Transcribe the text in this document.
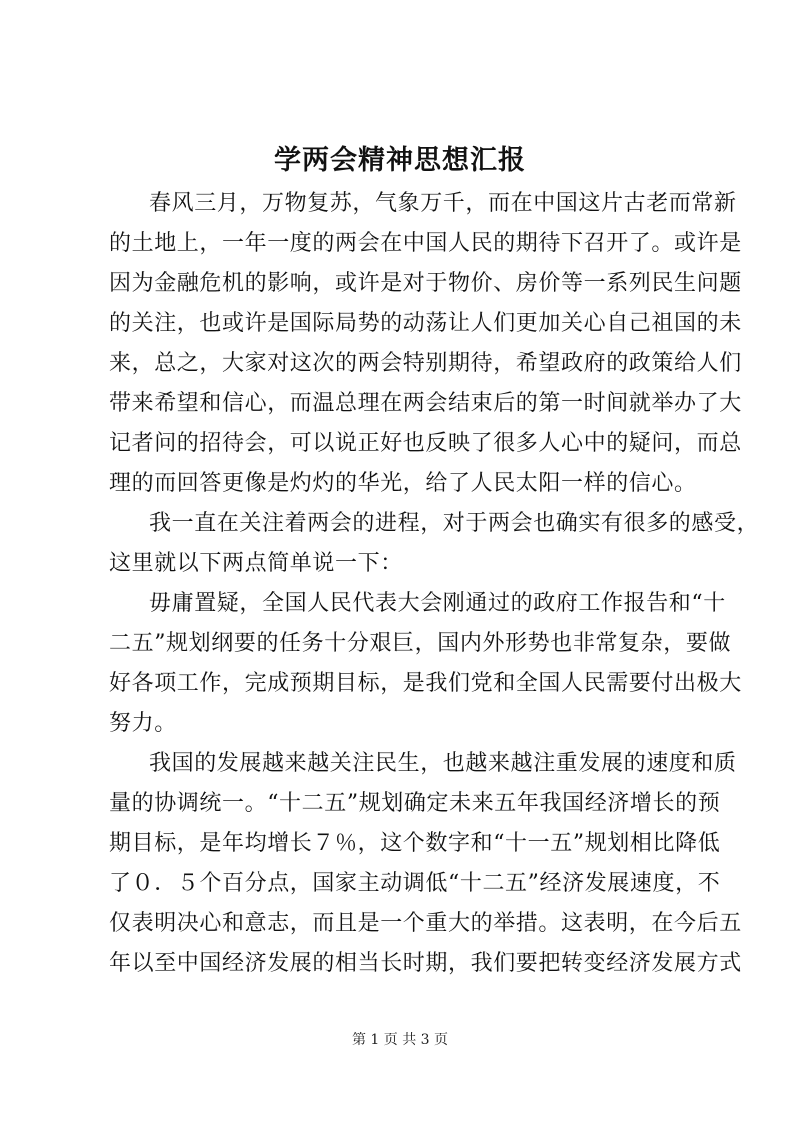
学两会精神思想汇报

春风三月，万物复苏，气象万千，而在中国这片古老而常新
的土地上，一年一度的两会在中国人民的期待下召开了。或许是
因为金融危机的影响，或许是对于物价、房价等一系列民生问题
的关注，也或许是国际局势的动荡让人们更加关心自己祖国的未
来，总之，大家对这次的两会特别期待，希望政府的政策给人们
带来希望和信心，而温总理在两会结束后的第一时间就举办了大
记者问的招待会，可以说正好也反映了很多人心中的疑问，而总
理的而回答更像是灼灼的华光，给了人民太阳一样的信心。

我一直在关注着两会的进程，对于两会也确实有很多的感受，
这里就以下两点简单说一下：

毋庸置疑，全国人民代表大会刚通过的政府工作报告和“十
二五”规划纲要的任务十分艰巨，国内外形势也非常复杂，要做
好各项工作，完成预期目标，是我们党和全国人民需要付出极大
努力。

我国的发展越来越关注民生，也越来越注重发展的速度和质
量的协调统一。“十二五”规划确定未来五年我国经济增长的预
期目标，是年均增长７％，这个数字和“十一五”规划相比降低
了０．５个百分点，国家主动调低“十二五”经济发展速度，不
仅表明决心和意志，而且是一个重大的举措。这表明，在今后五
年以至中国经济发展的相当长时期，我们要把转变经济发展方式

第 1 页 共 3 页
